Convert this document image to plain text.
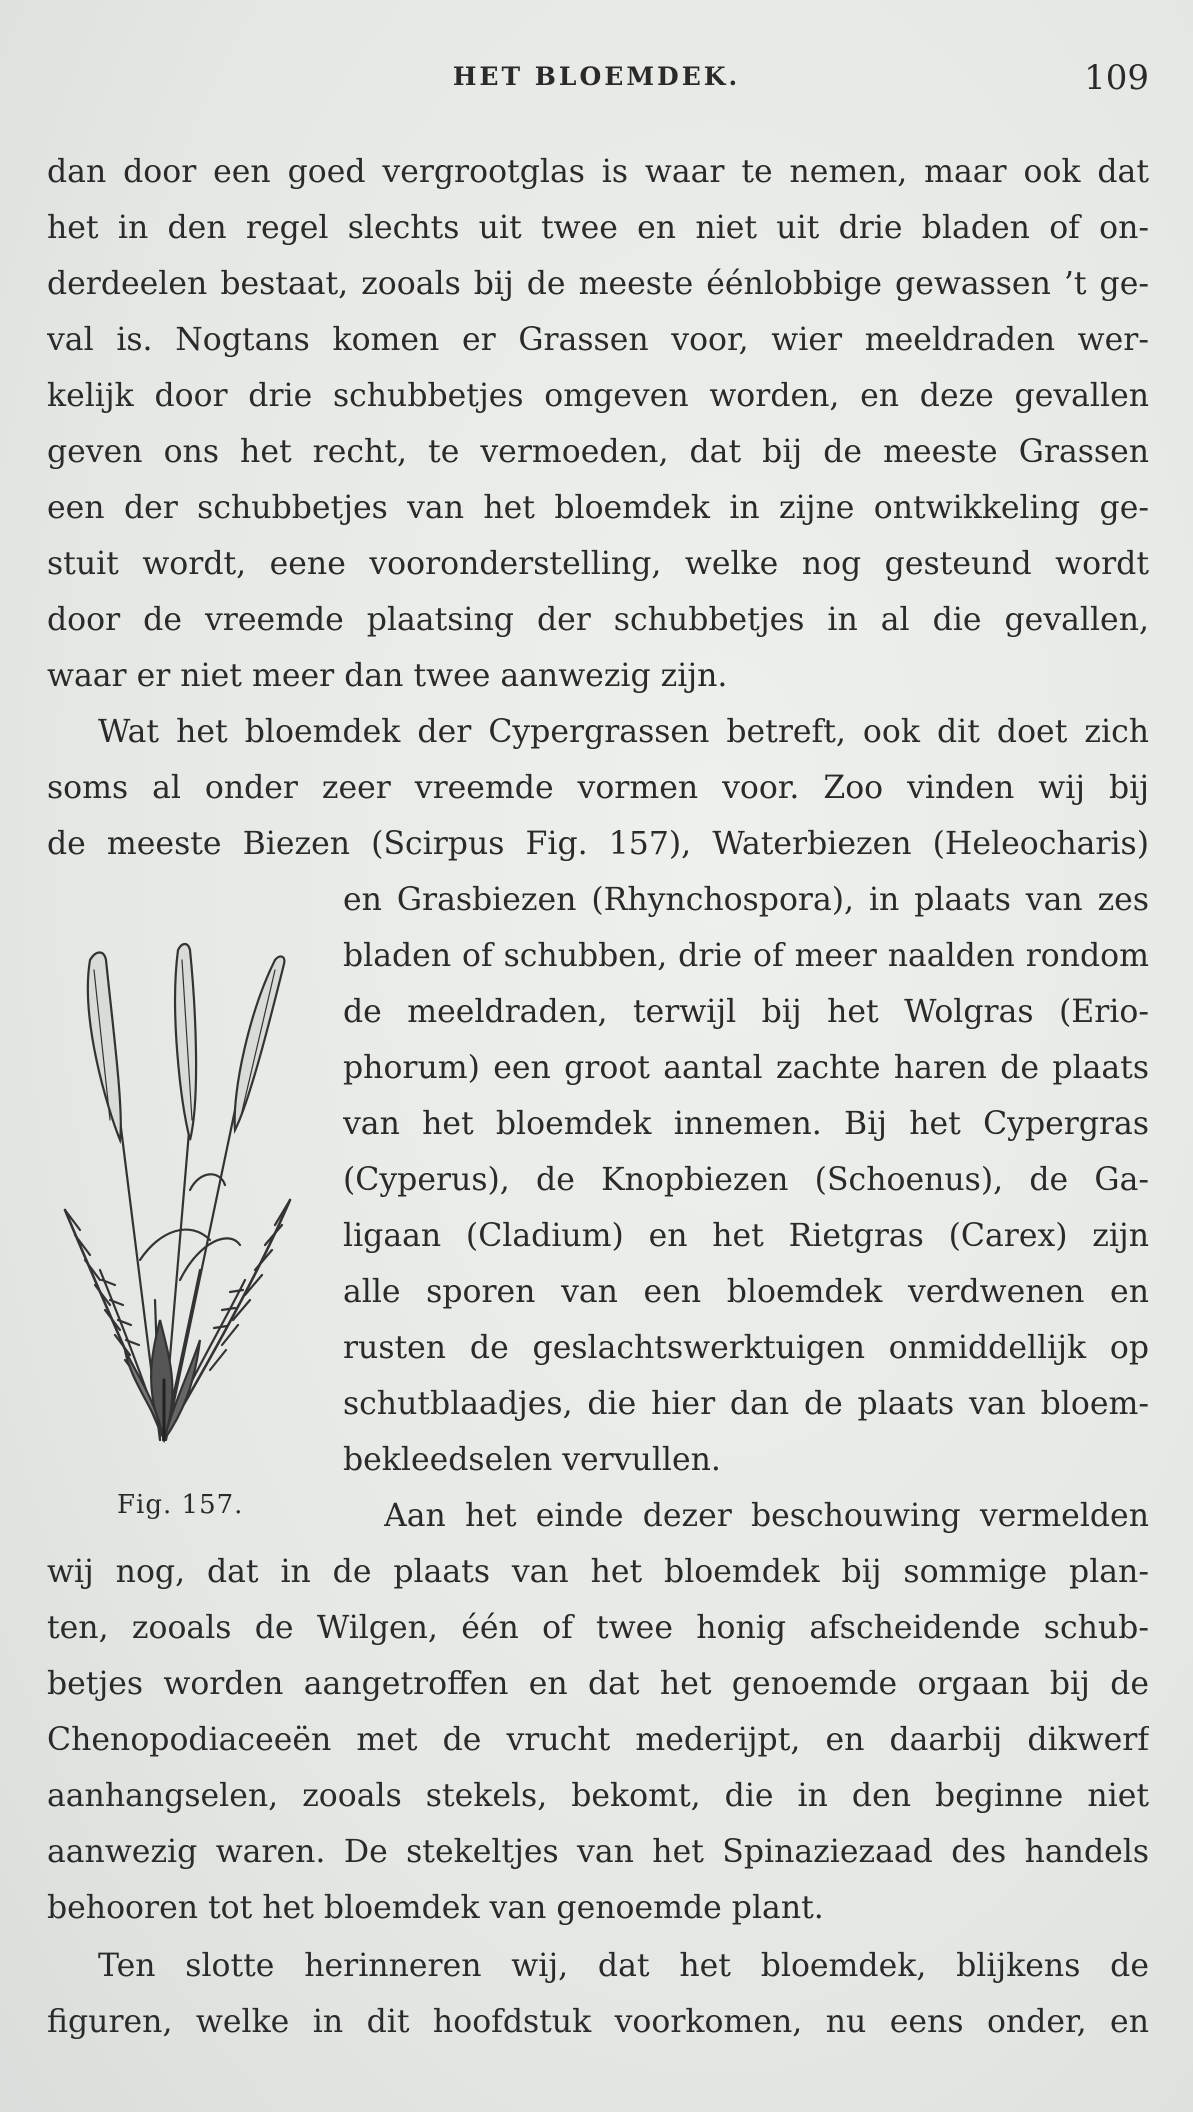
HET BLOEMDEK.	109
dan door een goed vergrootglas is waar te nemen, maar ook dat
het in den regel slechts uit twee en niet uit drie bladen of on-
derdeelen bestaat, zooals bij de meeste éénlobbige gewassen ’t ge-
val is. Nogtans komen er Grassen voor, wier meeldraden wer-
kelijk door drie schubbetjes omgeven worden, en deze gevallen
geven ons het recht, te vermoeden, dat bij de meeste Grassen
een der schubbetjes van het bloemdek in zijne ontwikkeling ge-
stuit wordt, eene vooronderstelling, welke nog gesteund wordt
door de vreemde plaatsing der schubbetjes in al die gevallen,
waar er niet meer dan twee aanwezig zijn.
Wat het bloemdek der Cypergrassen betreft, ook dit doet zich
soms al onder zeer vreemde vormen voor. Zoo vinden wij bij
de meeste Biezen (Scirpus Fig. 157), Waterbiezen (Heleocharis)
en Grasbiezen (Rhynchospora), in plaats van zes
bladen of schubben, drie of meer naalden rondom
de meeldraden, terwijl bij het Wolgras (Erio-
phorum) een groot aantal zachte haren de plaats
van het bloemdek innemen. Bij het Cypergras
(Cyperus), de Knopbiezen (Schoenus), de Ga-
ligaan (Cladium) en het Rietgras (Carex) zijn
alle sporen van een bloemdek verdwenen en
rusten de geslachtswerktuigen onmiddellijk op
schutblaadjes, die hier dan de plaats van bloem-
bekleedselen vervullen.
Fig. 157.	Aan het einde dezer beschouwing vermelden
wij nog, dat in de plaats van het bloemdek bij sommige plan-
ten, zooals de Wilgen, één of twee honig afscheidende schub-
betjes worden aangetroffen en dat het genoemde orgaan bij de
Chenopodiaceeën met de vrucht mederijpt, en daarbij dikwerf
aanhangselen, zooals stekels, bekomt, die in den beginne niet
aanwezig waren. De stekeltjes van het Spinaziezaad des handels
behooren tot het bloemdek van genoemde plant.
Ten slotte herinneren wij, dat het bloemdek, blijkens de
figuren, welke in dit hoofdstuk voorkomen, nu eens onder, en
